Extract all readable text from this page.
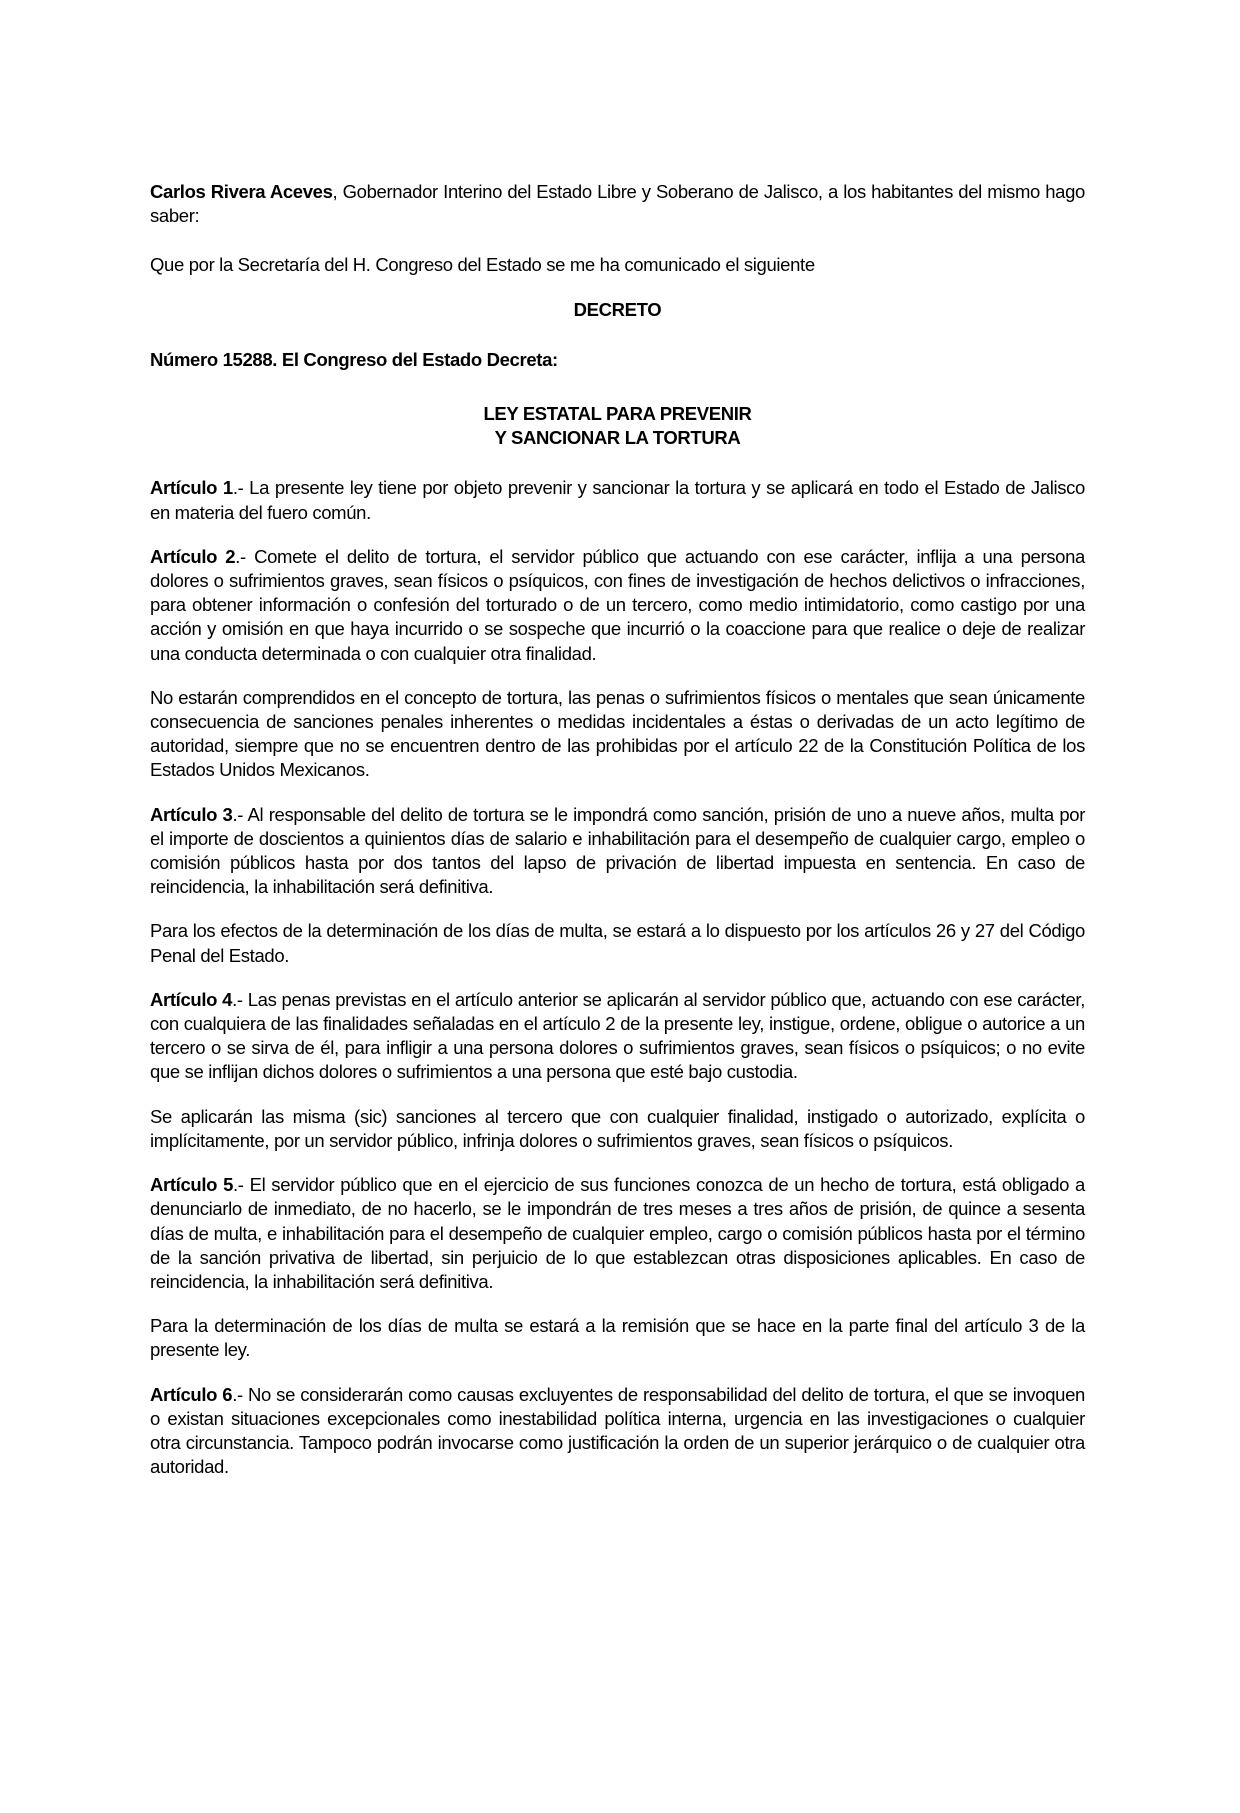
Carlos Rivera Aceves, Gobernador Interino del Estado Libre y Soberano de Jalisco, a los habitantes del mismo hago saber:

Que por la Secretaría del H. Congreso del Estado se me ha comunicado el siguiente

DECRETO

Número 15288. El Congreso del Estado Decreta:

LEY ESTATAL PARA PREVENIR
Y SANCIONAR LA TORTURA

Artículo 1.- La presente ley tiene por objeto prevenir y sancionar la tortura y se aplicará en todo el Estado de Jalisco en materia del fuero común.

Artículo 2.- Comete el delito de tortura, el servidor público que actuando con ese carácter, inflija a una persona dolores o sufrimientos graves, sean físicos o psíquicos, con fines de investigación de hechos delictivos o infracciones, para obtener información o confesión del torturado o de un tercero, como medio intimidatorio, como castigo por una acción y omisión en que haya incurrido o se sospeche que incurrió o la coaccione para que realice o deje de realizar una conducta determinada o con cualquier otra finalidad.

No estarán comprendidos en el concepto de tortura, las penas o sufrimientos físicos o mentales que sean únicamente consecuencia de sanciones penales inherentes o medidas incidentales a éstas o derivadas de un acto legítimo de autoridad, siempre que no se encuentren dentro de las prohibidas por el artículo 22 de la Constitución Política de los Estados Unidos Mexicanos.

Artículo 3.- Al responsable del delito de tortura se le impondrá como sanción, prisión de uno a nueve años, multa por el importe de doscientos a quinientos días de salario e inhabilitación para el desempeño de cualquier cargo, empleo o comisión públicos hasta por dos tantos del lapso de privación de libertad impuesta en sentencia. En caso de reincidencia, la inhabilitación será definitiva.

Para los efectos de la determinación de los días de multa, se estará a lo dispuesto por los artículos 26 y 27 del Código Penal del Estado.

Artículo 4.- Las penas previstas en el artículo anterior se aplicarán al servidor público que, actuando con ese carácter, con cualquiera de las finalidades señaladas en el artículo 2 de la presente ley, instigue, ordene, obligue o autorice a un tercero o se sirva de él, para infligir a una persona dolores o sufrimientos graves, sean físicos o psíquicos; o no evite que se inflijan dichos dolores o sufrimientos a una persona que esté bajo custodia.

Se aplicarán las misma (sic) sanciones al tercero que con cualquier finalidad, instigado o autorizado, explícita o implícitamente, por un servidor público, infrinja dolores o sufrimientos graves, sean físicos o psíquicos.

Artículo 5.- El servidor público que en el ejercicio de sus funciones conozca de un hecho de tortura, está obligado a denunciarlo de inmediato, de no hacerlo, se le impondrán de tres meses a tres años de prisión, de quince a sesenta días de multa, e inhabilitación para el desempeño de cualquier empleo, cargo o comisión públicos hasta por el término de la sanción privativa de libertad, sin perjuicio de lo que establezcan otras disposiciones aplicables. En caso de reincidencia, la inhabilitación será definitiva.

Para la determinación de los días de multa se estará a la remisión que se hace en la parte final del artículo 3 de la presente ley.

Artículo 6.- No se considerarán como causas excluyentes de responsabilidad del delito de tortura, el que se invoquen o existan situaciones excepcionales como inestabilidad política interna, urgencia en las investigaciones o cualquier otra circunstancia. Tampoco podrán invocarse como justificación la orden de un superior jerárquico o de cualquier otra autoridad.
